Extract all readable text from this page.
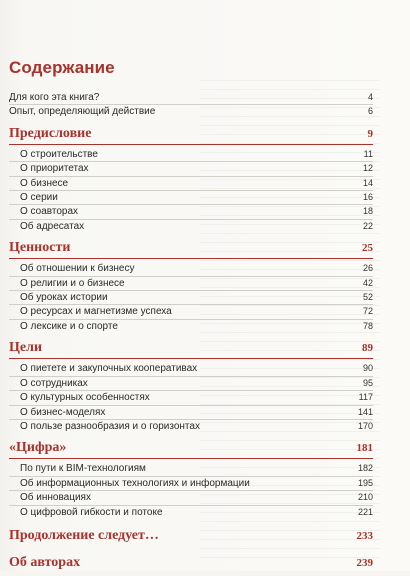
Содержание
Для кого эта книга?	4
Опыт, определяющий действие	6
Предисловие	9
О строительстве	11
О приоритетах	12
О бизнесе	14
О серии	16
О соавторах	18
Об адресатах	22
Ценности	25
Об отношении к бизнесу	26
О религии и о бизнесе	42
Об уроках истории	52
О ресурсах и магнетизме успеха	72
О лексике и о спорте	78
Цели	89
О пиетете и закупочных кооперативах	90
О сотрудниках	95
О культурных особенностях	117
О бизнес-моделях	141
О пользе разнообразия и о горизонтах	170
«Цифра»	181
По пути к BIM-технологиям	182
Об информационных технологиях и информации	195
Об инновациях	210
О цифровой гибкости и потоке	221
Продолжение следует…	233
Об авторах	239
